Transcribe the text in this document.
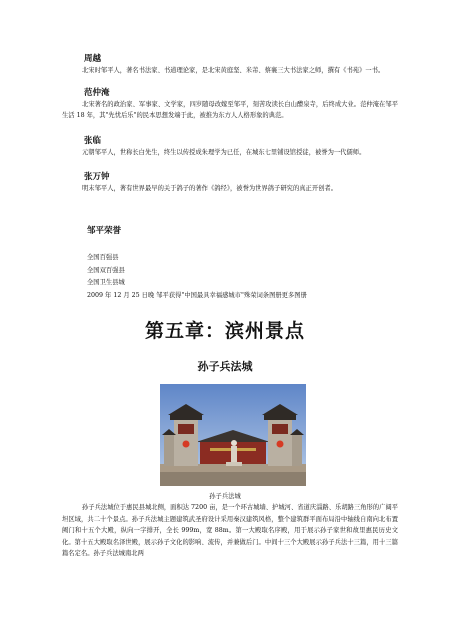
周越

北宋时邹平人，著名书法家、书道理论家，是北宋黄庭坚、米芾、蔡襄三大书法家之师，撰有《书苑》一书。

范仲淹

北宋著名的政治家、军事家、文学家，四岁随母改嫁至邹平，刻苦攻读长白山醴泉寺，后终成大业。范仲淹在邹平生活 18 年，其"先忧后乐"的民本思想发端于此，被推为东方人人格形象的典范。

张临

元朝邹平人，世称长白先生，终生以传授成朱理学为已任，在城东七里铺设馆授徒，被誉为一代儒师。

张万钟

明末邹平人，著有世界最早的关于鸽子的著作《鸽经》，被誉为世界鸽子研究的真正开创者。

邹平荣誉
全国百强县
全国双百强县
全国卫生县城
2009 年 12 月 25 日晚 邹平获得"中国最具幸福感城市"殊荣词条图册更多图册
第五章：滨州景点
孙子兵法城
孙子兵法城

孙子兵法城位于惠民县城北侧，面积达 7200 亩，是一个环古城墙、护城河、省道庆淄路、乐胡路三角形的广阔平坦区域，共二十个景点。孙子兵法城主题建筑武圣府设计采用秦汉建筑风格，整个建筑群平面布局沿中轴线自南向北布置阙门和十五个大殿，纵向一字排开，全长 999m，宽 88m。第一大殿取名序殿，用于展示孙子家世和故里惠民历史文化。第十五大殿取名泽世殿，展示孙子文化的影响、流传，并兼做后门。中间十三个大殿展示孙子兵法十三篇，用十三篇篇名定名。孙子兵法城南北两
